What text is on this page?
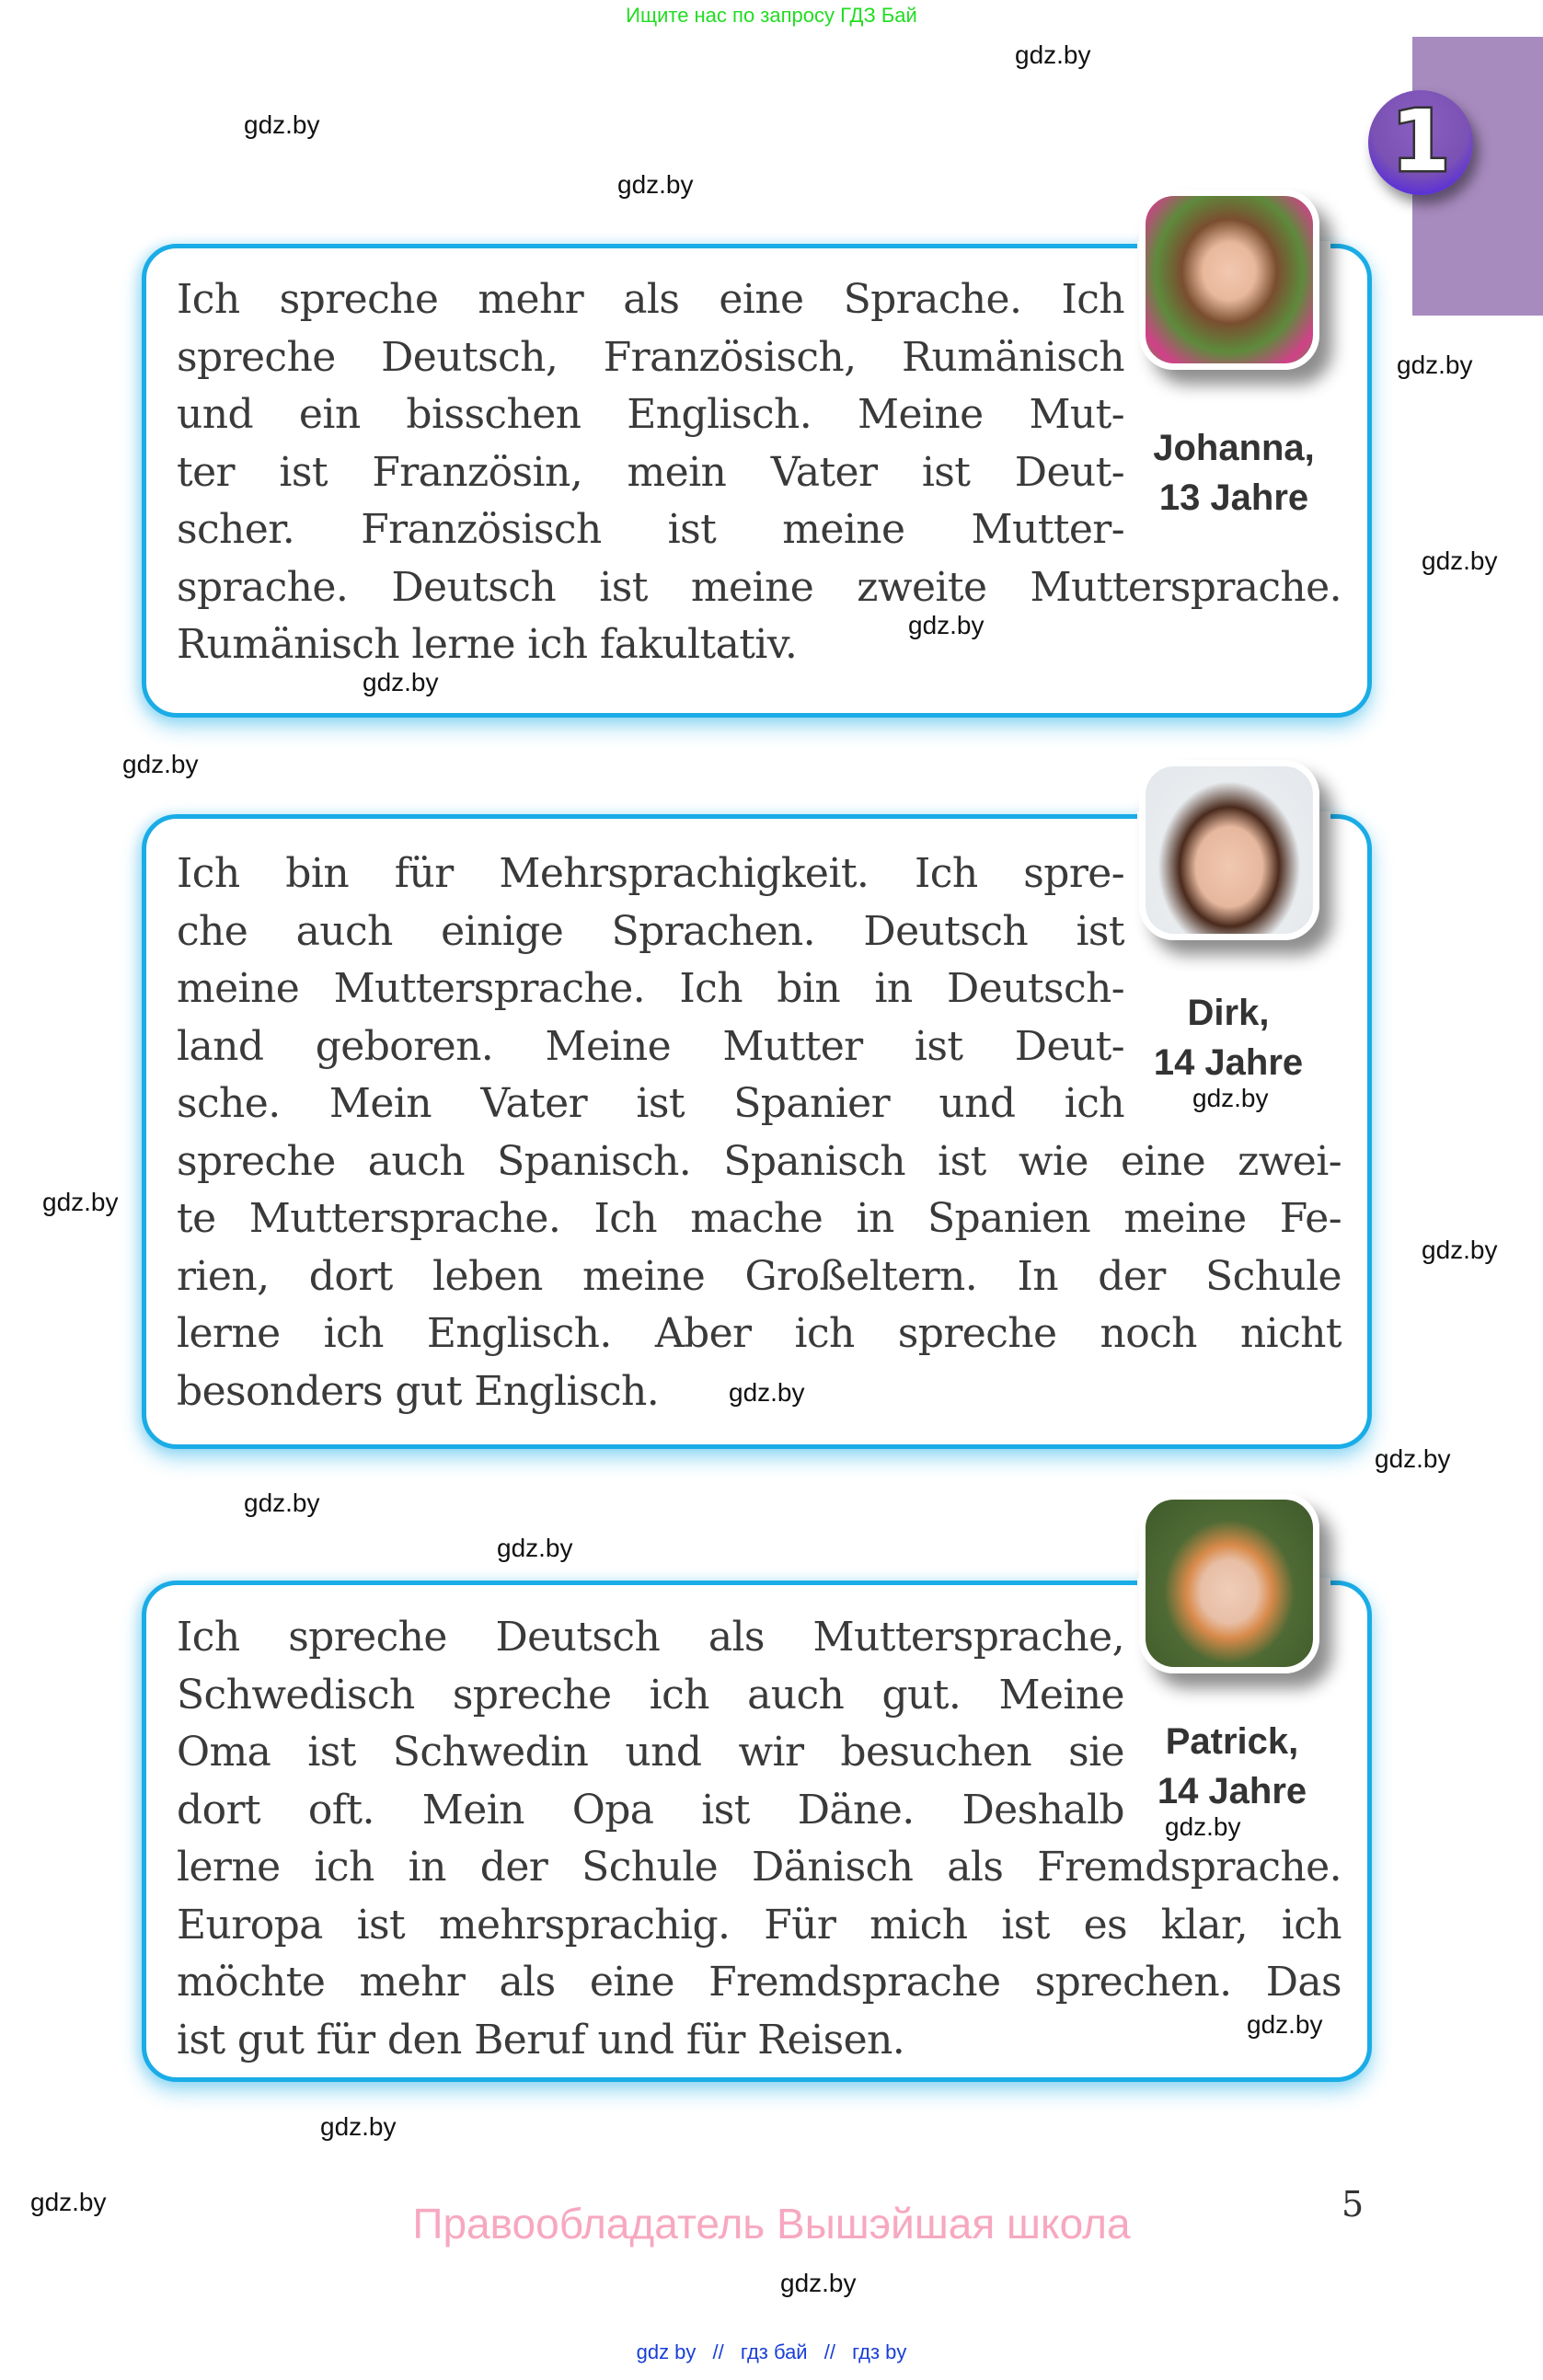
Ищите нас по запросу ГДЗ Бай
1
Ich spreche mehr als eine Sprache. Ich
spreche Deutsch, Französisch, Rumänisch
und ein bisschen Englisch. Meine Mut-
ter ist Französin, mein Vater ist Deut-
scher. Französisch ist meine Mutter-
sprache. Deutsch ist meine zweite Muttersprache.
Rumänisch lerne ich fakultativ.
Johanna,
13 Jahre
Ich bin für Mehrsprachigkeit. Ich spre-
che auch einige Sprachen. Deutsch ist
meine Muttersprache. Ich bin in Deutsch-
land geboren. Meine Mutter ist Deut-
sche. Mein Vater ist Spanier und ich
spreche auch Spanisch. Spanisch ist wie eine zwei-
te Muttersprache. Ich mache in Spanien meine Fe-
rien, dort leben meine Großeltern. In der Schule
lerne ich Englisch. Aber ich spreche noch nicht
besonders gut Englisch.
Dirk,
14 Jahre
Ich spreche Deutsch als Muttersprache,
Schwedisch spreche ich auch gut. Meine
Oma ist Schwedin und wir besuchen sie
dort oft. Mein Opa ist Däne. Deshalb
lerne ich in der Schule Dänisch als Fremdsprache.
Europa ist mehrsprachig. Für mich ist es klar, ich
möchte mehr als eine Fremdsprache sprechen. Das
ist gut für den Beruf und für Reisen.
Patrick,
14 Jahre
gdz.by
gdz.by
gdz.by
gdz.by
gdz.by
gdz.by
gdz.by
gdz.by
gdz.by
gdz.by
gdz.by
gdz.by
gdz.by
gdz.by
gdz.by
gdz.by
gdz.by
gdz.by
gdz.by
gdz.by
5
Правообладатель Вышэйшая школа
gdz by // гдз бай // гдз by
